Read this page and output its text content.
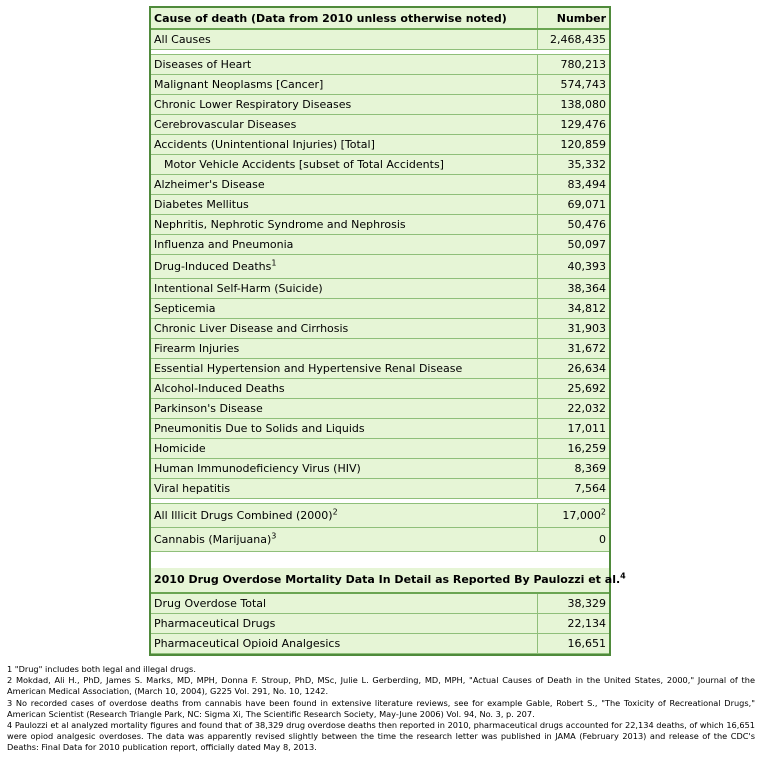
Cause of death (Data from 2010 unless otherwise noted)	Number
All Causes	2,468,435
Diseases of Heart	780,213
Malignant Neoplasms [Cancer]	574,743
Chronic Lower Respiratory Diseases	138,080
Cerebrovascular Diseases	129,476
Accidents (Unintentional Injuries) [Total]	120,859
Motor Vehicle Accidents [subset of Total Accidents]	35,332
Alzheimer's Disease	83,494
Diabetes Mellitus	69,071
Nephritis, Nephrotic Syndrome and Nephrosis	50,476
Influenza and Pneumonia	50,097
Drug-Induced Deaths$^1$	40,393
Intentional Self-Harm (Suicide)	38,364
Septicemia	34,812
Chronic Liver Disease and Cirrhosis	31,903
Firearm Injuries	31,672
Essential Hypertension and Hypertensive Renal Disease	26,634
Alcohol-Induced Deaths	25,692
Parkinson's Disease	22,032
Pneumonitis Due to Solids and Liquids	17,011
Homicide	16,259
Human Immunodeficiency Virus (HIV)	8,369
Viral hepatitis	7,564
All Illicit Drugs Combined $(2000)^2$	17,000$^2$
Cannabis (Marijuana)$^3$	0
2010 Drug Overdose Mortality Data In Detail as Reported By Paulozzi et al.$^4$
Drug Overdose Total	38,329
Pharmaceutical Drugs	22,134
Pharmaceutical Opioid Analgesics	16,651

1 "Drug" includes both legal and illegal drugs.

2 Mokdad, Ali H., PhD, James S. Marks, MD, MPH, Donna F. Stroup, PhD, MSc, Julie L. Gerberding, MD, MPH, "Actual Causes of Death in the United States, 2000," Journal of the American Medical Association, (March 10, 2004), G225 Vol. 291, No. 10, 1242.

3 No recorded cases of overdose deaths from cannabis have been found in extensive literature reviews, see for example Gable, Robert S., "The Toxicity of Recreational Drugs," American Scientist (Research Triangle Park, NC: Sigma Xi, The Scientific Research Society, May-June 2006) Vol. 94, No. 3, p. 207.

4 Paulozzi et al analyzed mortality figures and found that of 38,329 drug overdose deaths then reported in 2010, pharmaceutical drugs accounted for 22,134 deaths, of which 16,651 were opiod analgesic overdoses. The data was apparently revised slightly between the time the research letter was published in JAMA (February 2013) and release of the CDC's Deaths: Final Data for 2010 publication report, officially dated May 8, 2013.
